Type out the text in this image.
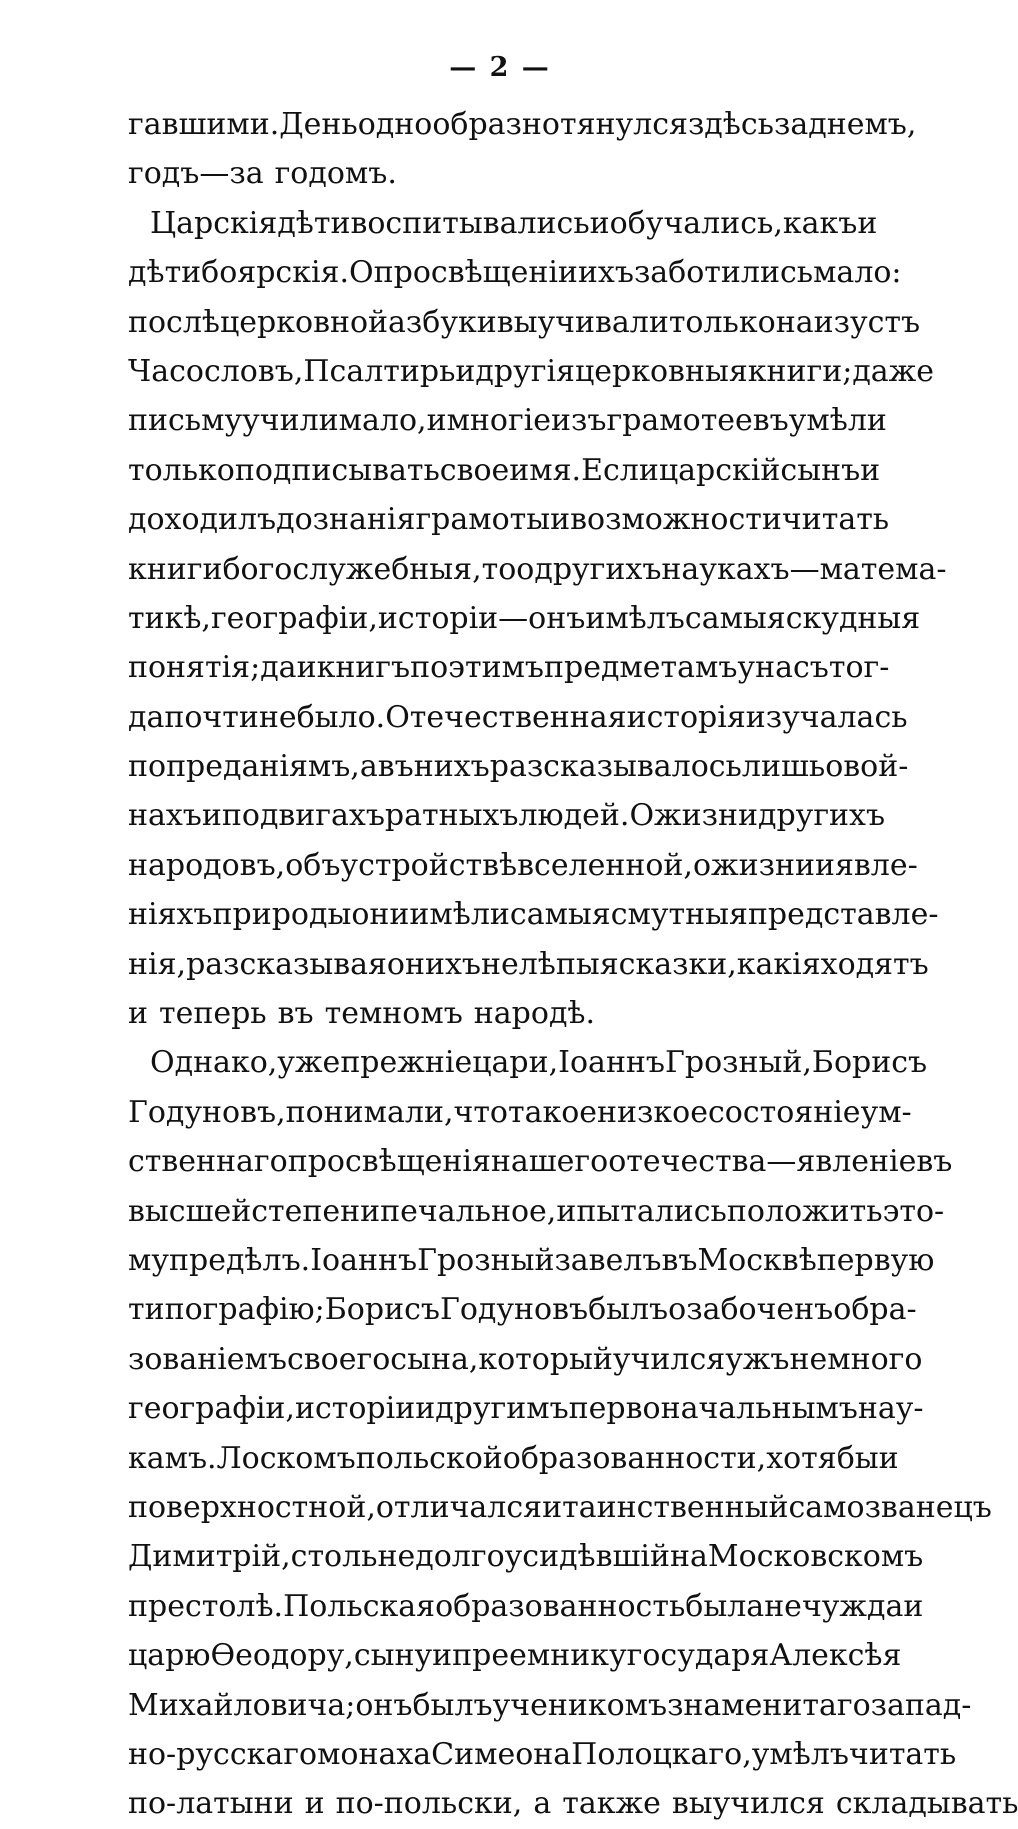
— 2 —
гавшими. День однообразно тянулся здѣсь за днемъ,
годъ—за годомъ.
Царскія дѣти воспитывались и обучались, какъ и
дѣти боярскія. О просвѣщеніи ихъ заботились мало:
послѣ церковной азбуки выучивали только наизустъ
Часословъ, Псалтирь и другія церковныя книги; даже
письму учили мало, и многіе изъ грамотеевъ умѣли
только подписывать свое имя. Если царскій сынъ и
доходилъ до знанія грамоты и возможности читать
книги богослужебныя, то о другихъ наукахъ—матема-
тикѣ, географіи, исторіи—онъ имѣлъ самыя скудныя
понятія; да и книгъ по этимъ предметамъ у насъ тог-
да почти не было. Отечественная исторія изучалась
по преданіямъ, а въ нихъ разсказывалось лишь о вой-
нахъ и подвигахъ ратныхъ людей. О жизни другихъ
народовъ, объ устройствѣ вселенной, о жизни и явле-
ніяхъ природы они имѣли самыя смутныя представле-
нія, разсказывая о нихъ нелѣпыя сказки, какія ходятъ
и теперь въ темномъ народѣ.
Однако, уже прежніе цари, Іоаннъ Грозный, Борисъ
Годуновъ, понимали, что такое низкое состояніе ум-
ственнаго просвѣщенія нашего отечества—явленіе въ
высшей степени печальное, и пытались положить это-
му предѣлъ. Іоаннъ Грозный завелъ въ Москвѣ первую
типографію; Борисъ Годуновъ былъ озабоченъ обра-
зованіемъ своего сына, который учился ужъ немного
географіи, исторіи и другимъ первоначальнымъ нау-
камъ. Лоскомъ польской образованности, хотя бы и
поверхностной, отличался и таинственный самозванецъ
Димитрій, столь недолго усидѣвшій на Московскомъ
престолѣ. Польская образованность была не чужда и
царю Ѳеодору, сыну и преемнику государя Алексѣя
Михайловича; онъ былъ ученикомъ знаменитаго запад-
но-русскаго монаха Симеона Полоцкаго, умѣлъ читать
по-латыни и по-польски, а также выучился складывать
